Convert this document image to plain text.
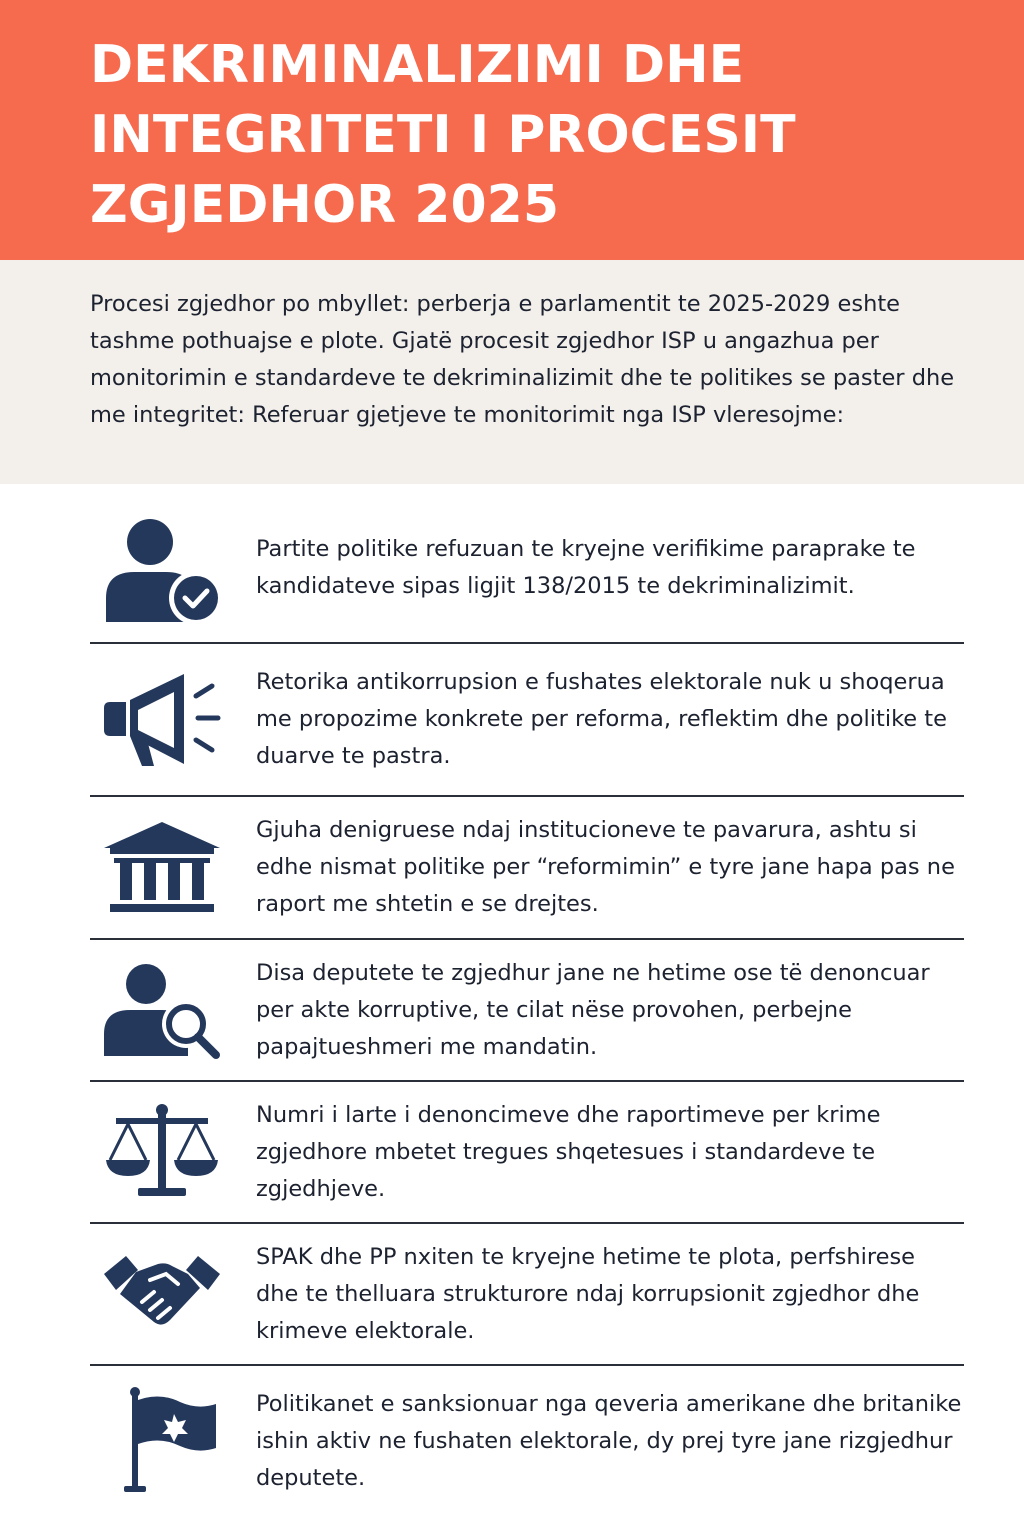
DEKRIMINALIZIMI DHE
INTEGRITETI I PROCESIT
ZGJEDHOR 2025

Procesi zgjedhor po mbyllet: perberja e parlamentit te 2025-2029 eshte tashme pothuajse e plote. Gjatë procesit zgjedhor ISP u angazhua per monitorimin e standardeve te dekriminalizimit dhe te politikes se paster dhe me integritet: Referuar gjetjeve te monitorimit nga ISP vleresojme:

Partite politike refuzuan te kryejne verifikime paraprake te kandidateve sipas ligjit 138/2015 te dekriminalizimit.
Retorika antikorrupsion e fushates elektorale nuk u shoqerua me propozime konkrete per reforma, reflektim dhe politike te duarve te pastra.
Gjuha denigruese ndaj institucioneve te pavarura, ashtu si edhe nismat politike per “reformimin” e tyre jane hapa pas ne raport me shtetin e se drejtes.
Disa deputete te zgjedhur jane ne hetime ose të denoncuar per akte korruptive, te cilat nëse provohen, perbejne papajtueshmeri me mandatin.
Numri i larte i denoncimeve dhe raportimeve per krime zgjedhore mbetet tregues shqetesues i standardeve te zgjedhjeve.
SPAK dhe PP nxiten te kryejne hetime te plota, perfshirese dhe te thelluara strukturore ndaj korrupsionit zgjedhor dhe krimeve elektorale.
Politikanet e sanksionuar nga qeveria amerikane dhe britanike ishin aktiv ne fushaten elektorale, dy prej tyre jane rizgjedhur deputete.
